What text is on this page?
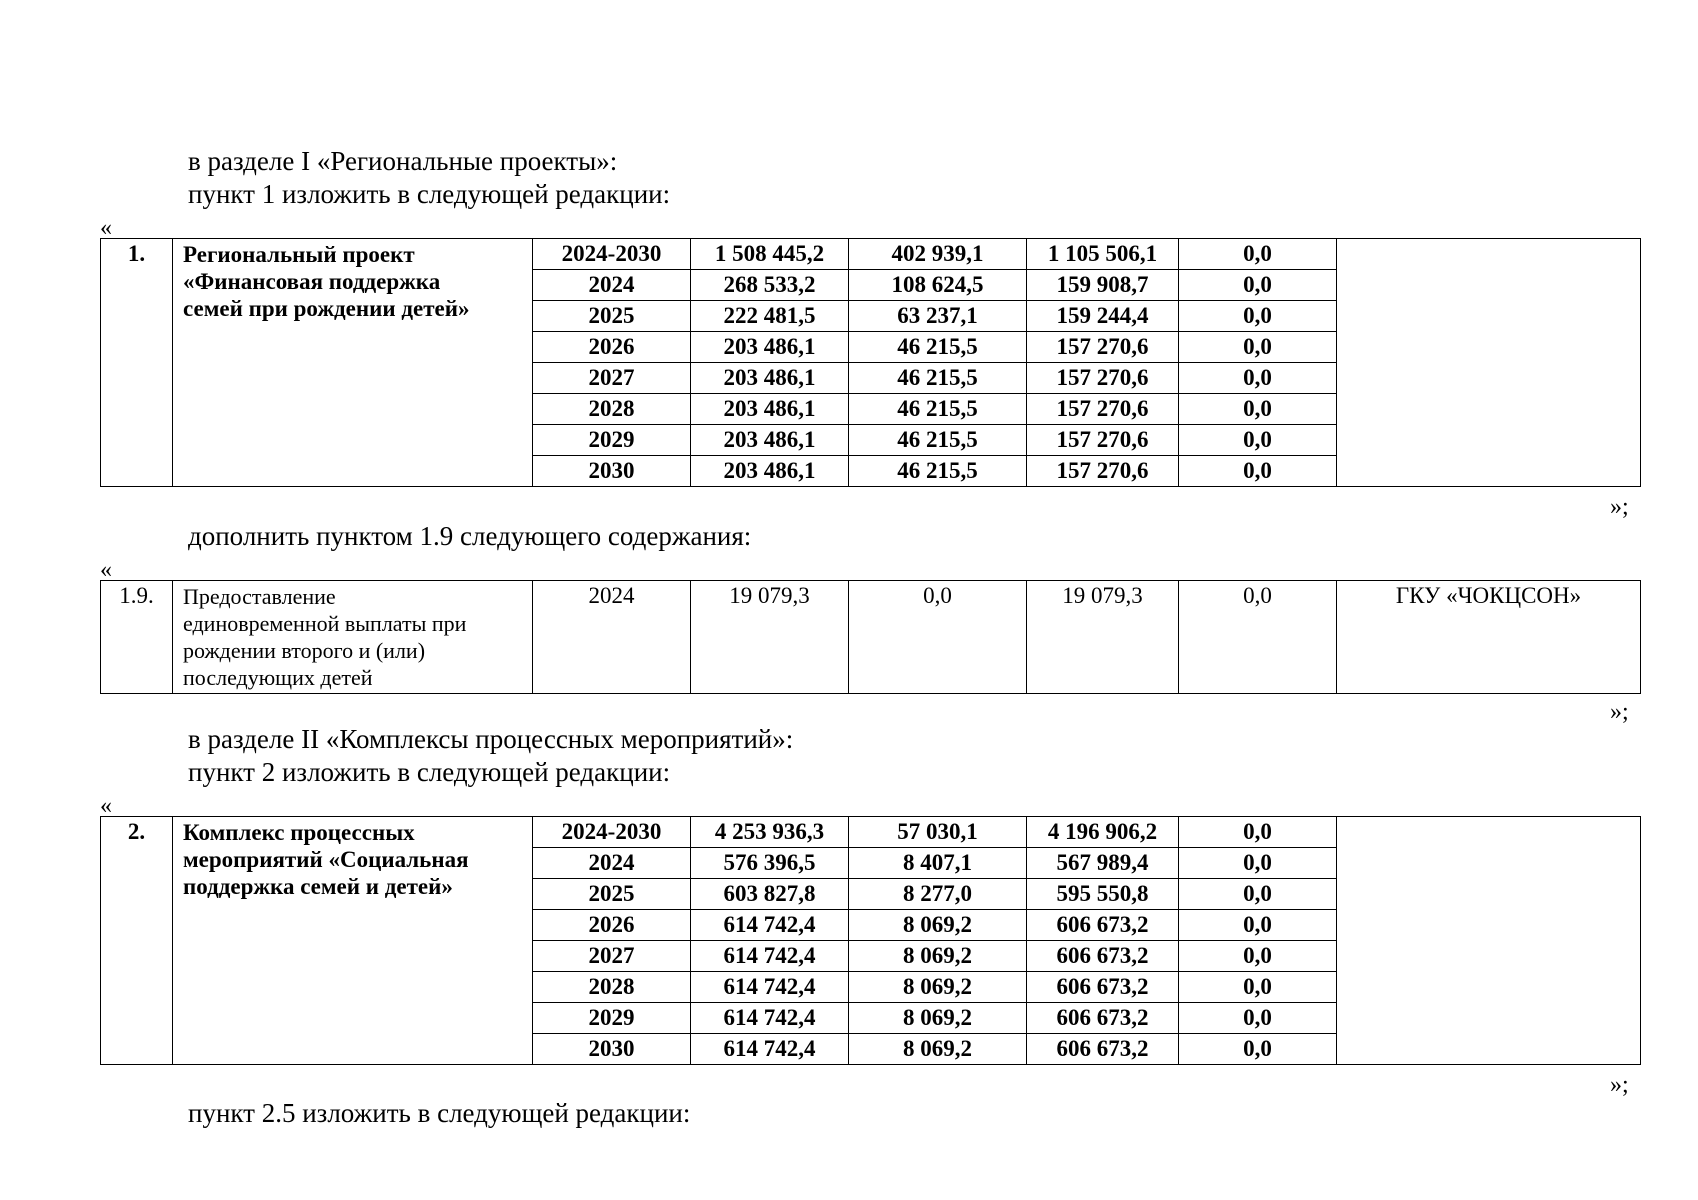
в разделе I «Региональные проекты»:
пункт 1 изложить в следующей редакции:
«
1.	Региональный проект
«Финансовая поддержка
семей при рождении детей»	2024-2030	1 508 445,2	402 939,1	1 105 506,1	0,0	
		2024	268 533,2	108 624,5	159 908,7	0,0	
		2025	222 481,5	63 237,1	159 244,4	0,0	
		2026	203 486,1	46 215,5	157 270,6	0,0	
		2027	203 486,1	46 215,5	157 270,6	0,0	
		2028	203 486,1	46 215,5	157 270,6	0,0	
		2029	203 486,1	46 215,5	157 270,6	0,0	
		2030	203 486,1	46 215,5	157 270,6	0,0	
»;
дополнить пунктом 1.9 следующего содержания:
«
1.9.	Предоставление
единовременной выплаты при
рождении второго и (или)
последующих детей
	2024	19 079,3	0,0	19 079,3	0,0	ГКУ «ЧОКЦСОН»
»;
в разделе II «Комплексы процессных мероприятий»:
пункт 2 изложить в следующей редакции:
«
2.	Комплекс процессных
мероприятий «Социальная
поддержка семей и детей»	2024-2030	4 253 936,3	57 030,1	4 196 906,2	0,0	
		2024	576 396,5	8 407,1	567 989,4	0,0	
		2025	603 827,8	8 277,0	595 550,8	0,0	
		2026	614 742,4	8 069,2	606 673,2	0,0	
		2027	614 742,4	8 069,2	606 673,2	0,0	
		2028	614 742,4	8 069,2	606 673,2	0,0	
		2029	614 742,4	8 069,2	606 673,2	0,0	
		2030	614 742,4	8 069,2	606 673,2	0,0	
»;
пункт 2.5 изложить в следующей редакции:
